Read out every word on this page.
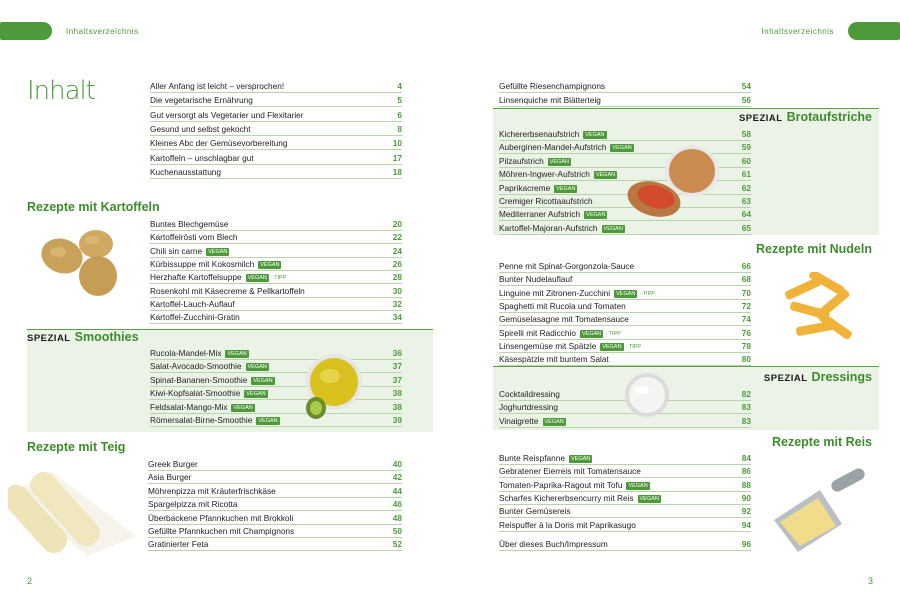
Inhaltsverzeichnis	Inhaltsverzeichnis
Inhalt
Rezepte mit Kartoffeln
SPEZIAL Smoothies
Rezepte mit Teig
SPEZIAL Brotaufstriche
Rezepte mit Nudeln
SPEZIAL Dressings
Rezepte mit Reis
Aller Anfang ist leicht – versprochen!	4
Die vegetarische Ernährung	5
Gut versorgt als Vegetarier und Flexitarier	6
Gesund und selbst gekocht	8
Kleines Abc der Gemüsevorbereitung	10
Kartoffeln – unschlagbar gut	17
Kuchenausstattung	18
Buntes Blechgemüse	20
Kartoffelrösti vom Blech	22
Chili sin carne VEGAN	24
Kürbissuppe mit Kokosmilch VEGAN	26
Herzhafte Kartoffelsuppe VEGAN · TIPP	28
Rosenkohl mit Käsecreme & Pellkartoffeln	30
Kartoffel-Lauch-Auflauf	32
Kartoffel-Zucchini-Gratin	34
Rucola-Mandel-Mix VEGAN	36
Salat-Avocado-Smoothie VEGAN	37
Spinat-Bananen-Smoothie VEGAN	37
Kiwi-Kopfsalat-Smoothie VEGAN	38
Feldsalat-Mango-Mix VEGAN	38
Römersalat-Birne-Smoothie VEGAN	39
Greek Burger	40
Asia Burger	42
Möhrenpizza mit Kräuterfrischkäse	44
Spargelpizza mit Ricotta	46
Überbackene Pfannkuchen mit Brokkoli	48
Gefüllte Pfannkuchen mit Champignons	50
Gratinierter Feta	52
Gefüllte Riesenchampignons	54
Linsenquiche mit Blätterteig	56
Kichererbsenaufstrich VEGAN	58
Auberginen-Mandel-Aufstrich VEGAN	59
Pilzaufstrich VEGAN	60
Möhren-Ingwer-Aufstrich VEGAN	61
Paprikacreme VEGAN	62
Cremiger Ricottaaufstrich	63
Mediterraner Aufstrich VEGAN	64
Kartoffel-Majoran-Aufstrich VEGAN	65
Penne mit Spinat-Gorgonzola-Sauce	66
Bunter Nudelauflauf	68
Linguine mit Zitronen-Zucchini VEGAN · TIPP	70
Spaghetti mit Rucola und Tomaten	72
Gemüselasagne mit Tomatensauce	74
Spirelli mit Radicchio VEGAN · TIPP	76
Linsengemüse mit Spätzle VEGAN · TIPP	78
Käsespätzle mit buntem Salat	80
Cocktaildressing	82
Joghurtdressing	83
Vinaigrette VEGAN	83
Bunte Reispfanne VEGAN	84
Gebratener Eierreis mit Tomatensauce	86
Tomaten-Paprika-Ragout mit Tofu VEGAN	88
Scharfes Kichererbsencurry mit Reis VEGAN	90
Bunter Gemüsereis	92
Reispuffer à la Doris mit Paprikasugo	94
Über dieses Buch/Impressum	96
2	3
